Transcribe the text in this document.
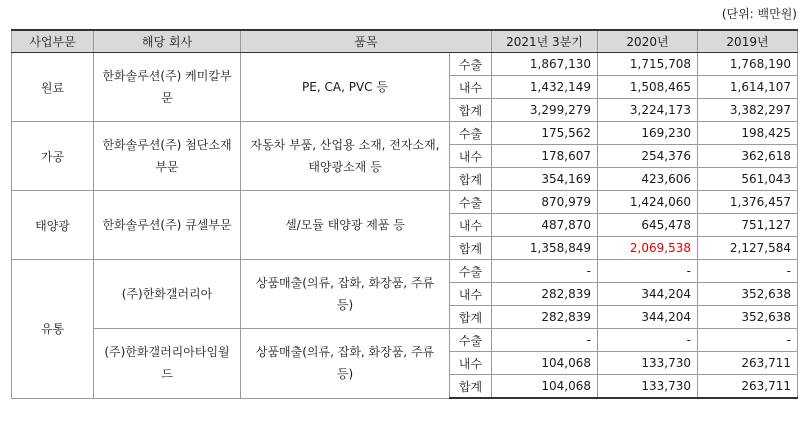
(단위: 백만원)
사업부문	해당 회사	품목		2021년 3분기	2020년	2019년
원료	한화솔루션(주) 케미칼부문	PE, CA, PVC 등	수출	1,867,130	1,715,708	1,768,190
			내수	1,432,149	1,508,465	1,614,107
			합계	3,299,279	3,224,173	3,382,297
가공	한화솔루션(주) 첨단소재부문	자동차 부품, 산업용 소재, 전자소재, 태양광소재 등	수출	175,562	169,230	198,425
			내수	178,607	254,376	362,618
			합계	354,169	423,606	561,043
태양광	한화솔루션(주) 큐셀부문	셀/모듈 태양광 제품 등	수출	870,979	1,424,060	1,376,457
			내수	487,870	645,478	751,127
			합계	1,358,849	2,069,538	2,127,584
유통	(주)한화갤러리아	상품매출(의류, 잡화, 화장품, 주류 등)	수출	-	-	-
			내수	282,839	344,204	352,638
			합계	282,839	344,204	352,638
	(주)한화갤러리아타임월드	상품매출(의류, 잡화, 화장품, 주류 등)	수출	-	-	-
			내수	104,068	133,730	263,711
			합계	104,068	133,730	263,711
